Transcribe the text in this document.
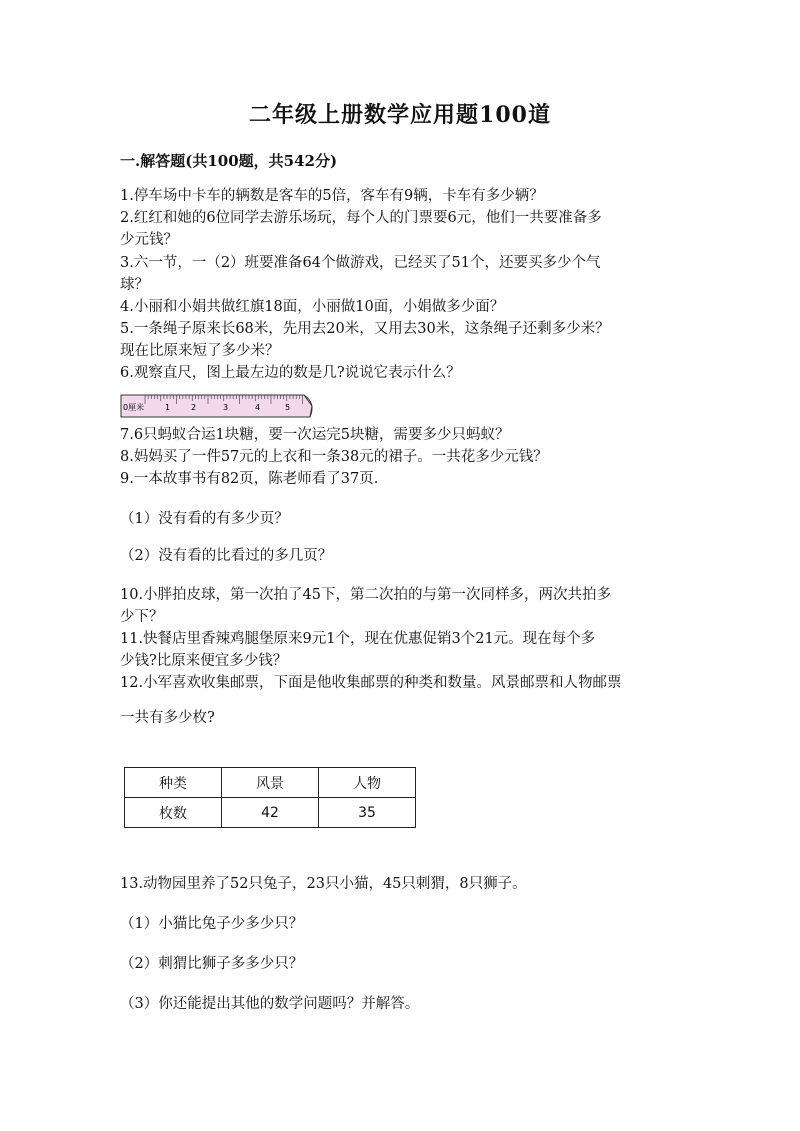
二年级上册数学应用题100道
一.解答题(共100题，共542分)
1.停车场中卡车的辆数是客车的5倍，客车有9辆，卡车有多少辆？
2.红红和她的6位同学去游乐场玩，每个人的门票要6元，他们一共要准备多
少元钱？
3.六一节，一（2）班要准备64个做游戏，已经买了51个，还要买多少个气
球？
4.小丽和小娟共做红旗18面，小丽做10面，小娟做多少面？
5.一条绳子原来长68米，先用去20米，又用去30米，这条绳子还剩多少米？
现在比原来短了多少米？
6.观察直尺，图上最左边的数是几?说说它表示什么？
0厘米	1	2	3	4	5
7.6只蚂蚁合运1块糖，要一次运完5块糖，需要多少只蚂蚁？
8.妈妈买了一件57元的上衣和一条38元的裙子。一共花多少元钱？
9.一本故事书有82页，陈老师看了37页.
（1）没有看的有多少页？
（2）没有看的比看过的多几页？
10.小胖拍皮球，第一次拍了45下，第二次拍的与第一次同样多，两次共拍多
少下？
11.快餐店里香辣鸡腿堡原来9元1个，现在优惠促销3个21元。现在每个多
少钱?比原来便宜多少钱？
12.小军喜欢收集邮票，下面是他收集邮票的种类和数量。风景邮票和人物邮票
一共有多少枚?
种类	风景	人物
枚数	42	35
13.动物园里养了52只兔子，23只小猫，45只刺猬，8只狮子。
（1）小猫比兔子少多少只？
（2）刺猬比狮子多多少只？
（3）你还能提出其他的数学问题吗？并解答。
